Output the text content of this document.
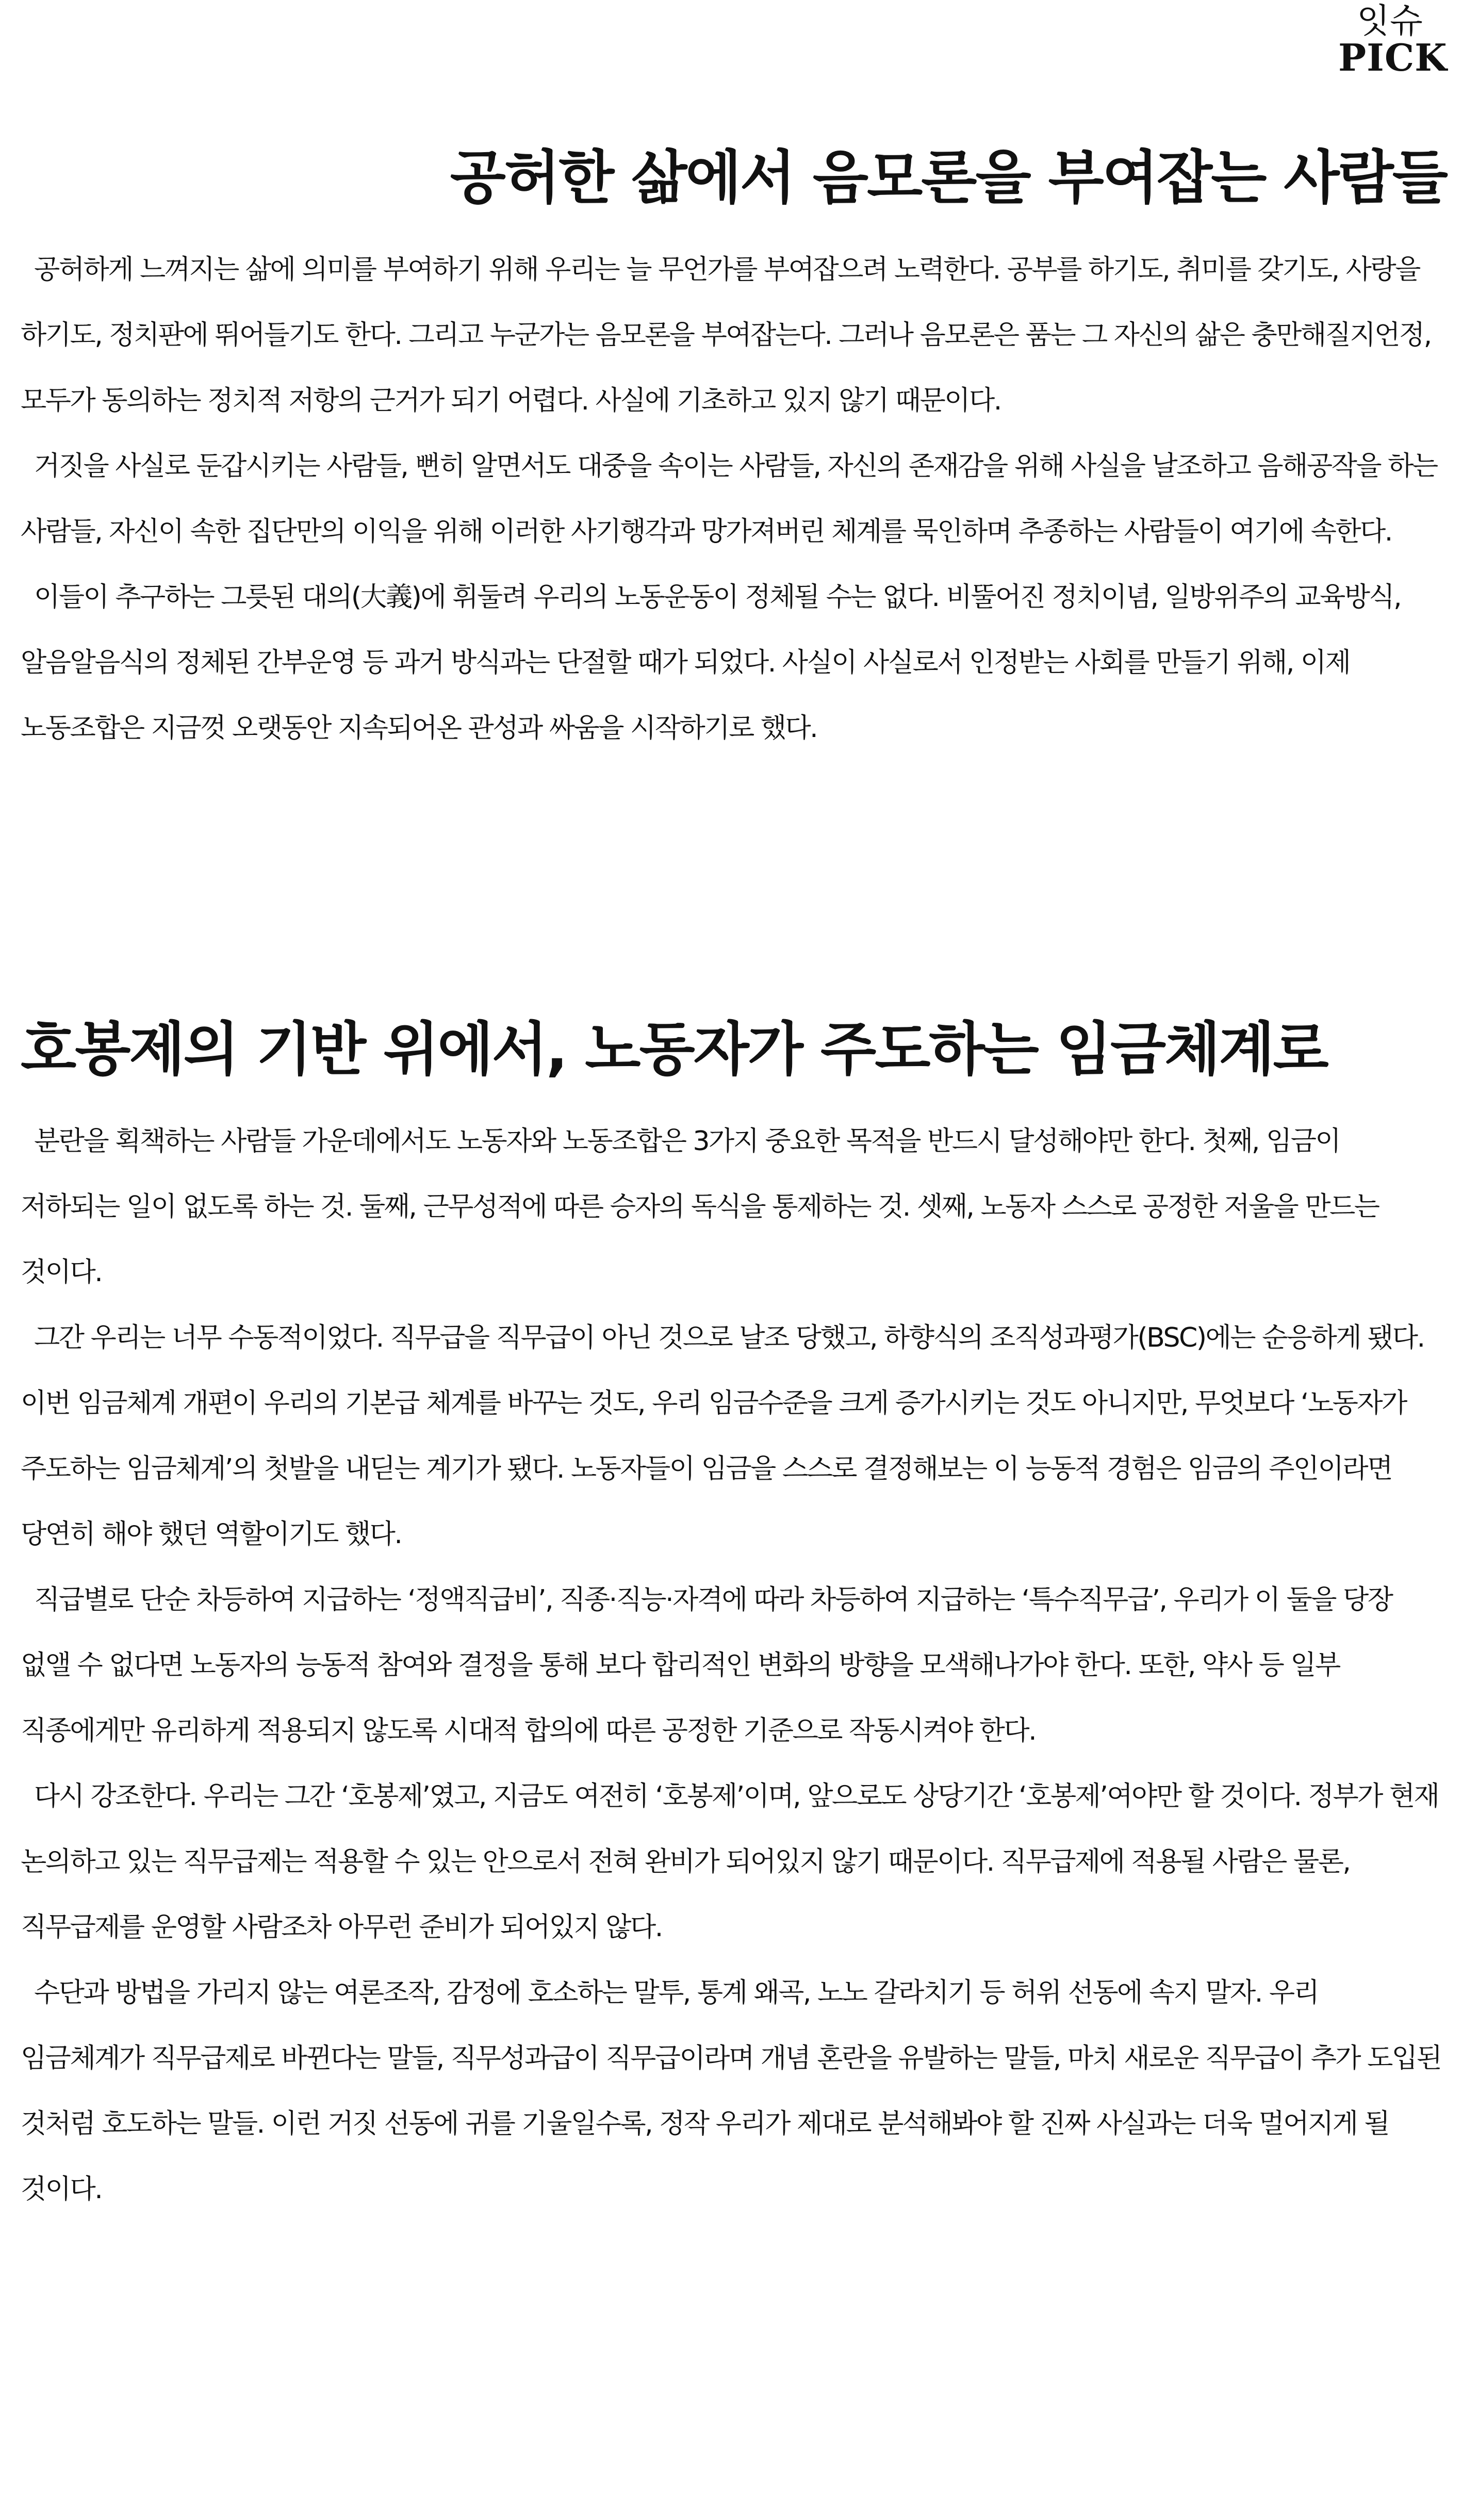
잇슈
PICK
공허한 삶에서 음모론을 부여잡는 사람들

공허하게 느껴지는 삶에 의미를 부여하기 위해 우리는 늘 무언가를 부여잡으려 노력한다. 공부를 하기도, 취미를 갖기도, 사랑을 하기도, 정치판에 뛰어들기도 한다. 그리고 누군가는 음모론을 부여잡는다. 그러나 음모론은 품는 그 자신의 삶은 충만해질지언정, 모두가 동의하는 정치적 저항의 근거가 되기 어렵다. 사실에 기초하고 있지 않기 때문이다.

거짓을 사실로 둔갑시키는 사람들, 뻔히 알면서도 대중을 속이는 사람들, 자신의 존재감을 위해 사실을 날조하고 음해공작을 하는 사람들, 자신이 속한 집단만의 이익을 위해 이러한 사기행각과 망가져버린 체계를 묵인하며 추종하는 사람들이 여기에 속한다.

이들이 추구하는 그릇된 대의(大義)에 휘둘려 우리의 노동운동이 정체될 수는 없다. 비뚤어진 정치이념, 일방위주의 교육방식, 알음알음식의 정체된 간부운영 등 과거 방식과는 단절할 때가 되었다. 사실이 사실로서 인정받는 사회를 만들기 위해, 이제 노동조합은 지금껏 오랫동안 지속되어온 관성과 싸움을 시작하기로 했다.

호봉제의 기반 위에서, 노동자가 주도하는 임금체계로

분란을 획책하는 사람들 가운데에서도 노동자와 노동조합은 3가지 중요한 목적을 반드시 달성해야만 한다. 첫째, 임금이 저하되는 일이 없도록 하는 것. 둘째, 근무성적에 따른 승자의 독식을 통제하는 것. 셋째, 노동자 스스로 공정한 저울을 만드는 것이다.

그간 우리는 너무 수동적이었다. 직무급을 직무급이 아닌 것으로 날조 당했고, 하향식의 조직성과평가(BSC)에는 순응하게 됐다. 이번 임금체계 개편이 우리의 기본급 체계를 바꾸는 것도, 우리 임금수준을 크게 증가시키는 것도 아니지만, 무엇보다 ‘노동자가 주도하는 임금체계’의 첫발을 내딛는 계기가 됐다. 노동자들이 임금을 스스로 결정해보는 이 능동적 경험은 임금의 주인이라면 당연히 해야 했던 역할이기도 했다.

직급별로 단순 차등하여 지급하는 ‘정액직급비’, 직종·직능·자격에 따라 차등하여 지급하는 ‘특수직무급’, 우리가 이 둘을 당장 없앨 수 없다면 노동자의 능동적 참여와 결정을 통해 보다 합리적인 변화의 방향을 모색해나가야 한다. 또한, 약사 등 일부 직종에게만 유리하게 적용되지 않도록 시대적 합의에 따른 공정한 기준으로 작동시켜야 한다.

다시 강조한다. 우리는 그간 ‘호봉제’였고, 지금도 여전히 ‘호봉제’이며, 앞으로도 상당기간 ‘호봉제’여야만 할 것이다. 정부가 현재 논의하고 있는 직무급제는 적용할 수 있는 안으로서 전혀 완비가 되어있지 않기 때문이다. 직무급제에 적용될 사람은 물론, 직무급제를 운영할 사람조차 아무런 준비가 되어있지 않다.

수단과 방법을 가리지 않는 여론조작, 감정에 호소하는 말투, 통계 왜곡, 노노 갈라치기 등 허위 선동에 속지 말자. 우리 임금체계가 직무급제로 바뀐다는 말들, 직무성과급이 직무급이라며 개념 혼란을 유발하는 말들, 마치 새로운 직무급이 추가 도입된 것처럼 호도하는 말들. 이런 거짓 선동에 귀를 기울일수록, 정작 우리가 제대로 분석해봐야 할 진짜 사실과는 더욱 멀어지게 될 것이다.
